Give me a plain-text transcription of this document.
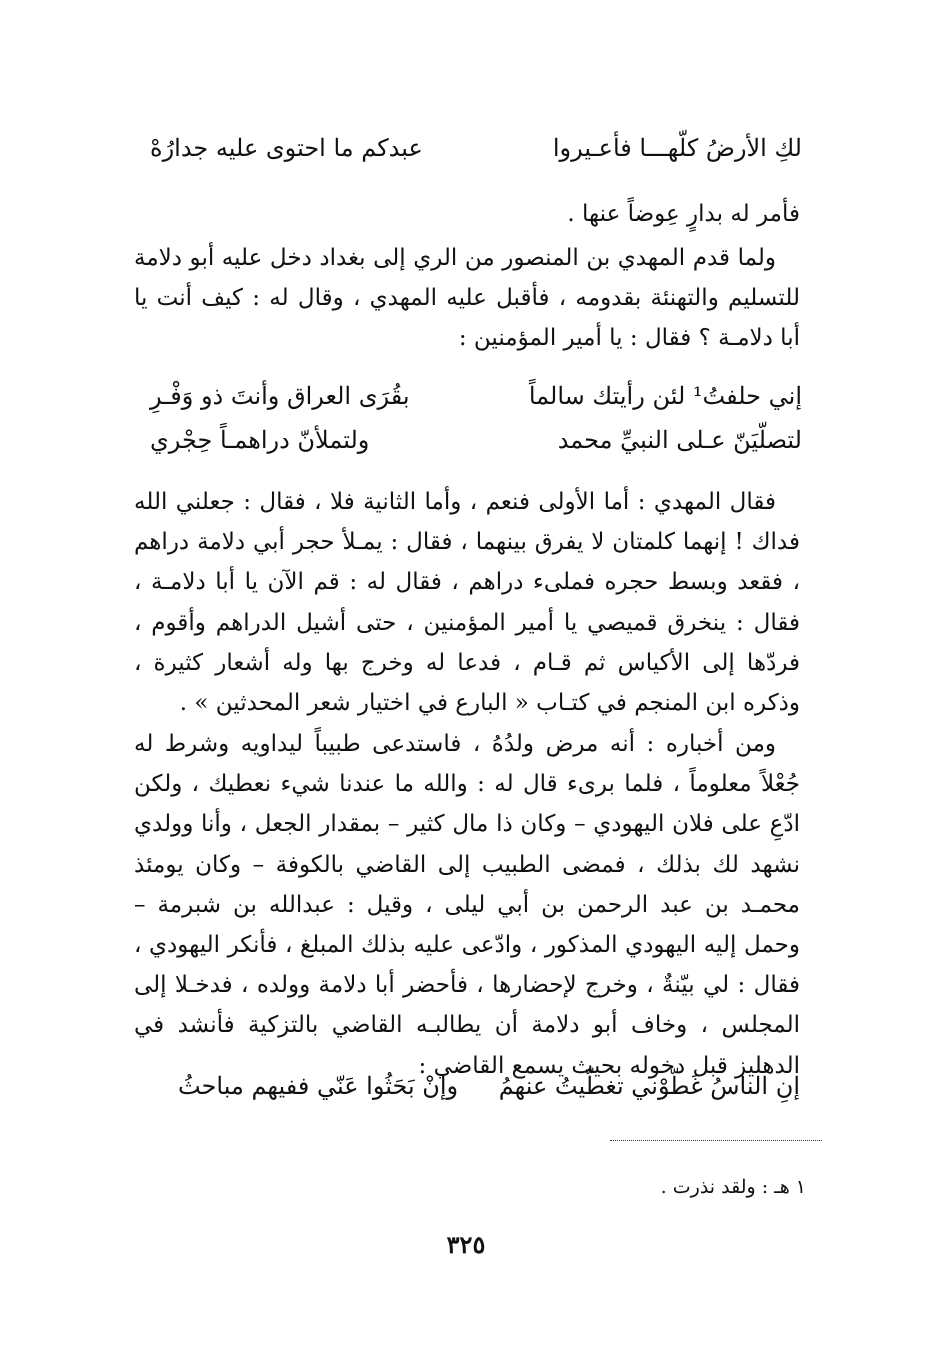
لكِ الأرضُ كلّهـــا فأعـيروا
عبدكم ما احتوى عليه جدارُهْ
فأمر له بدارٍ عِوضاً عنها .

ولما قدم المهدي بن المنصور من الري إلى بغداد دخل عليه أبو دلامة للتسليم والتهنئة بقدومه ، فأقبل عليه المهدي ، وقال له : كيف أنت يا أبا دلامـة ؟ فقال : يا أمير المؤمنين :

إني حلفتُ¹ لئن رأيتك سالماً
بقُرَى العراق وأنتَ ذو وَفْـرِ
لتصلّيَنّ عـلى النبيِّ محمد
ولتملأنّ دراهمـاً حِجْري

فقال المهدي : أما الأولى فنعم ، وأما الثانية فلا ، فقال : جعلني الله فداك ! إنهما كلمتان لا يفرق بينهما ، فقال : يمـلأ حجر أبي دلامة دراهم ، فقعد وبسط حجره فملىء دراهم ، فقال له : قم الآن يا أبا دلامـة ، فقال : ينخرق قميصي يا أمير المؤمنين ، حتى أشيل الدراهم وأقوم ، فردّها إلى الأكياس ثم قـام ، فدعا له وخرج بها وله أشعار كثيرة ، وذكره ابن المنجم في كتـاب « البارع في اختيار شعر المحدثين » .

ومن أخباره : أنه مرض ولدُهُ ، فاستدعى طبيباً ليداويه وشرط له جُعْلاً معلوماً ، فلما برىء قال له : والله ما عندنا شيء نعطيك ، ولكن ادّعِ على فلان اليهودي – وكان ذا مال كثير – بمقدار الجعل ، وأنا وولدي نشهد لك بذلك ، فمضى الطبيب إلى القاضي بالكوفة – وكان يومئذ محمـد بن عبد الرحمن بن أبي ليلى ، وقيل : عبدالله بن شبرمة – وحمل إليه اليهودي المذكور ، وادّعى عليه بذلك المبلغ ، فأنكر اليهودي ، فقال : لي بيّنةٌ ، وخرج لإحضارها ، فأحضر أبا دلامة وولده ، فدخـلا إلى المجلس ، وخاف أبو دلامة أن يطالبـه القاضي بالتزكية فأنشد في الدهليز قبل دخوله بحيث يسمع القاضي :

إنِ الناسُ غَطّوْني تغطّيتُ عنهمُ
وإنْ بَحَثُوا عَنّي ففيهم مباحثُ
١ هـ : ولقد نذرت .
٣٢٥
